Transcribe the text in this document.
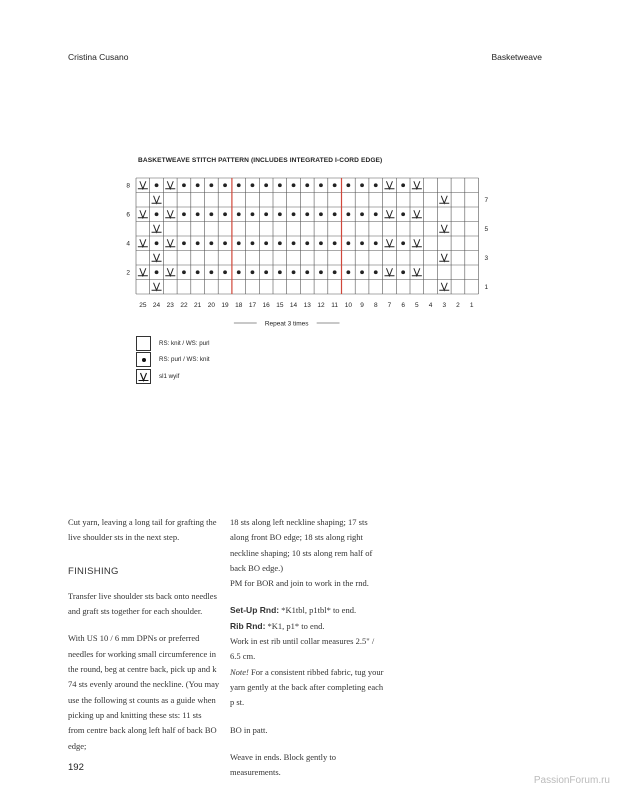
Cristina Cusano	Basketweave
BASKETWEAVE STITCH PATTERN (INCLUDES INTEGRATED I-CORD EDGE)
25 24 23 22 21 20 19 18 17 16 15 14 13 12 11 10 9 8 7 6 5 4 3 2 1
8
6
4
2
7
5
3
1
Repeat 3 times
RS: knit / WS: purl
RS: purl / WS: knit
sl1 wyif

Cut yarn, leaving a long tail for grafting the live shoulder sts in the next step.

FINISHING

Transfer live shoulder sts back onto needles and graft sts together for each shoulder.

With US 10 / 6 mm DPNs or preferred needles for working small circumference in the round, beg at centre back, pick up and k 74 sts evenly around the neckline. (You may use the following st counts as a guide when picking up and knitting these sts: 11 sts from centre back along left half of back BO edge;

18 sts along left neckline shaping; 17 sts along front BO edge; 18 sts along right neckline shaping; 10 sts along rem half of back BO edge.)

PM for BOR and join to work in the rnd.

Set-Up Rnd: *K1tbl, p1tbl* to end.

Rib Rnd: *K1, p1* to end.

Work in est rib until collar measures 2.5" / 6.5 cm.

Note! For a consistent ribbed fabric, tug your yarn gently at the back after completing each p st.

BO in patt.

Weave in ends. Block gently to measurements.

192
PassionForum.ru
